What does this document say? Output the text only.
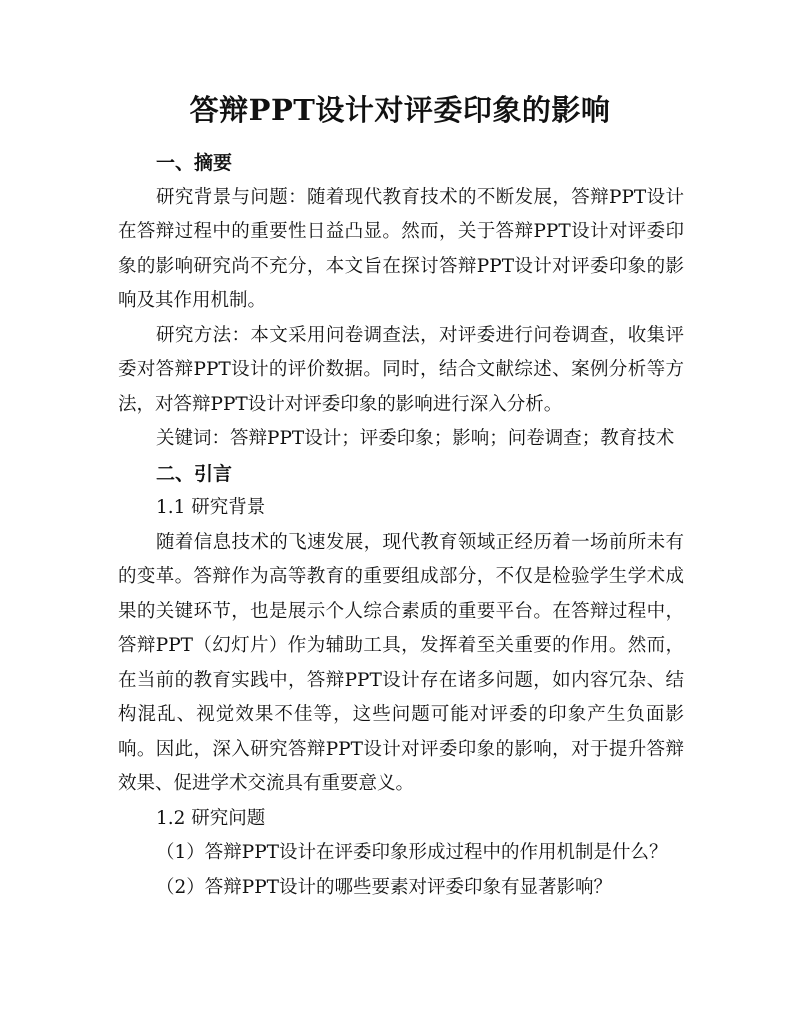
答辩PPT设计对评委印象的影响
一、摘要

研究背景与问题：随着现代教育技术的不断发展，答辩PPT设计在答辩过程中的重要性日益凸显。然而，关于答辩PPT设计对评委印象的影响研究尚不充分，本文旨在探讨答辩PPT设计对评委印象的影响及其作用机制。

研究方法：本文采用问卷调查法，对评委进行问卷调查，收集评委对答辩PPT设计的评价数据。同时，结合文献综述、案例分析等方法，对答辩PPT设计对评委印象的影响进行深入分析。

关键词：答辩PPT设计；评委印象；影响；问卷调查；教育技术

二、引言
1.1 研究背景

随着信息技术的飞速发展，现代教育领域正经历着一场前所未有的变革。答辩作为高等教育的重要组成部分，不仅是检验学生学术成果的关键环节，也是展示个人综合素质的重要平台。在答辩过程中，答辩PPT（幻灯片）作为辅助工具，发挥着至关重要的作用。然而，在当前的教育实践中，答辩PPT设计存在诸多问题，如内容冗杂、结构混乱、视觉效果不佳等，这些问题可能对评委的印象产生负面影响。因此，深入研究答辩PPT设计对评委印象的影响，对于提升答辩效果、促进学术交流具有重要意义。

1.2 研究问题
（1）答辩PPT设计在评委印象形成过程中的作用机制是什么？
（2）答辩PPT设计的哪些要素对评委印象有显著影响？
